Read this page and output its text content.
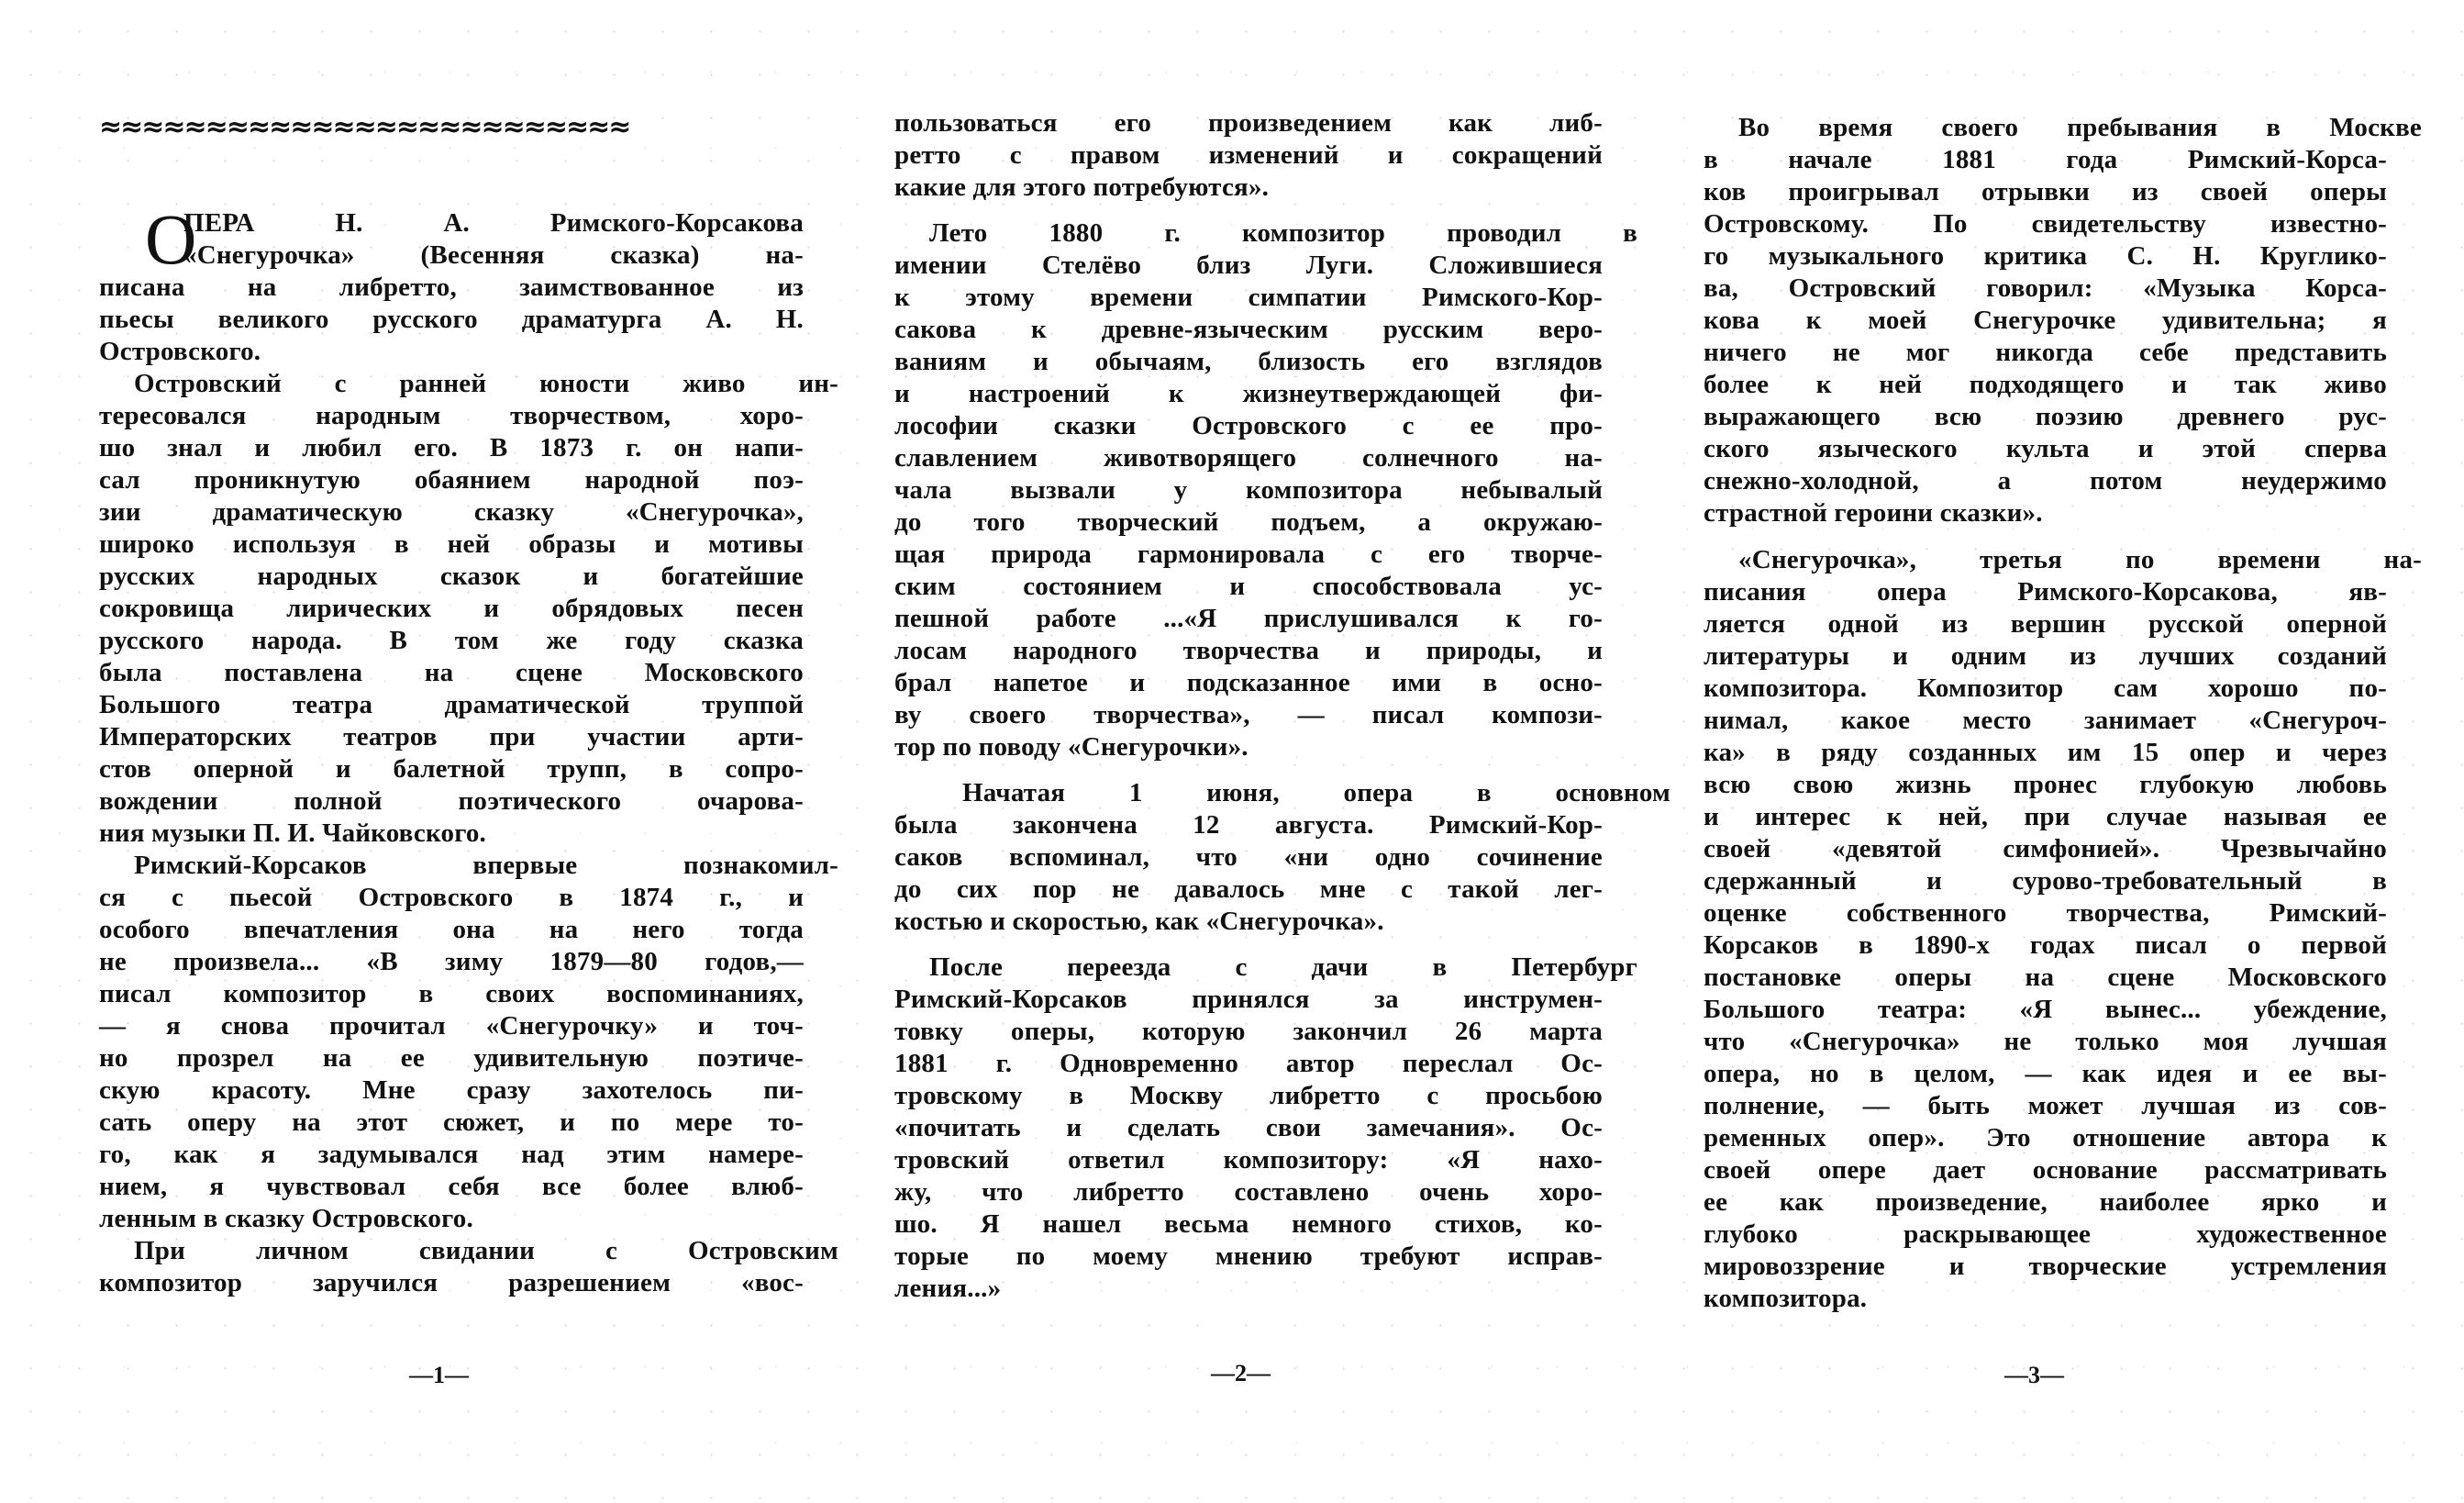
≈≈≈≈≈≈≈≈≈≈≈≈≈≈≈≈≈≈≈≈≈≈≈≈≈
О
ПЕРА Н. А. Римского-Корсакова
«Снегурочка» (Весенняя сказка) на-
писана на либретто, заимствованное из
пьесы великого русского драматурга А. Н.
Островского.
Островский с ранней юности живо ин-
тересовался народным творчеством, хоро-
шо знал и любил его. В 1873 г. он напи-
сал проникнутую обаянием народной поэ-
зии драматическую сказку «Снегурочка»,
широко используя в ней образы и мотивы
русских народных сказок и богатейшие
сокровища лирических и обрядовых песен
русского народа. В том же году сказка
была поставлена на сцене Московского
Большого театра драматической труппой
Императорских театров при участии арти-
стов оперной и балетной трупп, в сопро-
вождении полной поэтического очарова-
ния музыки П. И. Чайковского.
Римский-Корсаков впервые познакомил-
ся с пьесой Островского в 1874 г., и
особого впечатления она на него тогда
не произвела... «В зиму 1879—80 годов,—
писал композитор в своих воспоминаниях,
— я снова прочитал «Снегурочку» и точ-
но прозрел на ее удивительную поэтиче-
скую красоту. Мне сразу захотелось пи-
сать оперу на этот сюжет, и по мере то-
го, как я задумывался над этим намере-
нием, я чувствовал себя все более влюб-
ленным в сказку Островского.
При личном свидании с Островским
композитор заручился разрешением «вос-
—1—
пользоваться его произведением как либ-
ретто с правом изменений и сокращений
какие для этого потребуются».
Лето 1880 г. композитор проводил в
имении Стелёво близ Луги. Сложившиеся
к этому времени симпатии Римского-Кор-
сакова к древне-языческим русским веро-
ваниям и обычаям, близость его взглядов
и настроений к жизнеутверждающей фи-
лософии сказки Островского с ее про-
славлением животворящего солнечного на-
чала вызвали у композитора небывалый
до того творческий подъем, а окружаю-
щая природа гармонировала с его творче-
ским состоянием и способствовала ус-
пешной работе ...«Я прислушивался к го-
лосам народного творчества и природы, и
брал напетое и подсказанное ими в осно-
ву своего творчества», — писал компози-
тор по поводу «Снегурочки».
Начатая 1 июня, опера в основном
была закончена 12 августа. Римский-Кор-
саков вспоминал, что «ни одно сочинение
до сих пор не давалось мне с такой лег-
костью и скоростью, как «Снегурочка».
После переезда с дачи в Петербург
Римский-Корсаков принялся за инструмен-
товку оперы, которую закончил 26 марта
1881 г. Одновременно автор переслал Ос-
тровскому в Москву либретто с просьбою
«почитать и сделать свои замечания». Ос-
тровский ответил композитору: «Я нахо-
жу, что либретто составлено очень хоро-
шо. Я нашел весьма немного стихов, ко-
торые по моему мнению требуют исправ-
ления...»
—2—
Во время своего пребывания в Москве
в начале 1881 года Римский-Корса-
ков проигрывал отрывки из своей оперы
Островскому. По свидетельству известно-
го музыкального критика С. Н. Круглико-
ва, Островский говорил: «Музыка Корса-
кова к моей Снегурочке удивительна; я
ничего не мог никогда себе представить
более к ней подходящего и так живо
выражающего всю поэзию древнего рус-
ского языческого культа и этой сперва
снежно-холодной, а потом неудержимо
страстной героини сказки».
«Снегурочка», третья по времени на-
писания опера Римского-Корсакова, яв-
ляется одной из вершин русской оперной
литературы и одним из лучших созданий
композитора. Композитор сам хорошо по-
нимал, какое место занимает «Снегуроч-
ка» в ряду созданных им 15 опер и через
всю свою жизнь пронес глубокую любовь
и интерес к ней, при случае называя ее
своей «девятой симфонией». Чрезвычайно
сдержанный и сурово-требовательный в
оценке собственного творчества, Римский-
Корсаков в 1890-х годах писал о первой
постановке оперы на сцене Московского
Большого театра: «Я вынес... убеждение,
что «Снегурочка» не только моя лучшая
опера, но в целом, — как идея и ее вы-
полнение, — быть может лучшая из сов-
ременных опер». Это отношение автора к
своей опере дает основание рассматривать
ее как произведение, наиболее ярко и
глубоко раскрывающее художественное
мировоззрение и творческие устремления
композитора.
—3—
